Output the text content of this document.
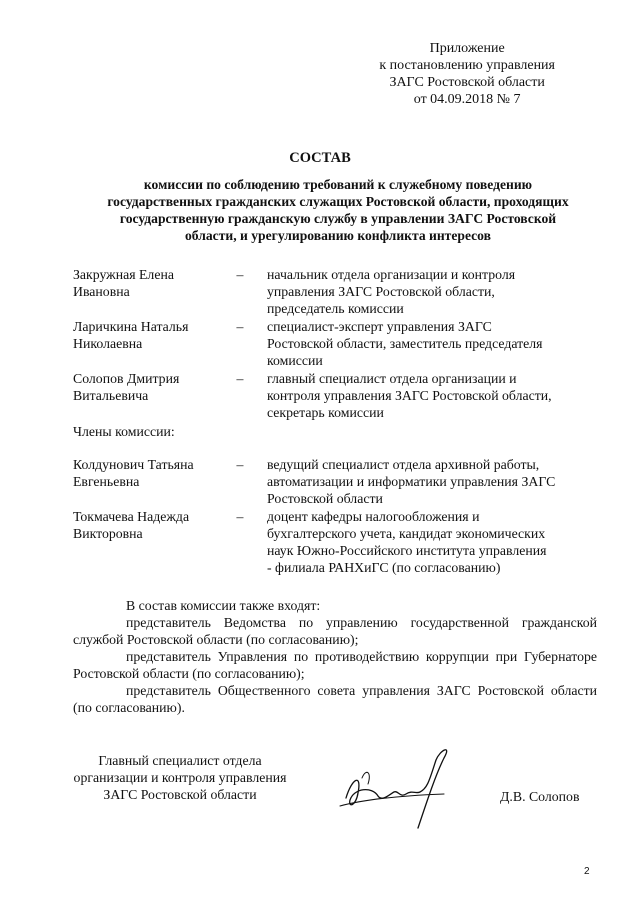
Приложение
к постановлению управления
ЗАГС Ростовской области
от 04.09.2018 № 7
СОСТАВ
комиссии по соблюдению требований к служебному поведению
государственных гражданских служащих Ростовской области, проходящих
государственную гражданскую службу в управлении ЗАГС Ростовской
области, и урегулированию конфликта интересов
Закружная Елена
Ивановна
– начальник отдела организации и контроля
управления ЗАГС Ростовской области,
председатель комиссии
Ларичкина Наталья
Николаевна
– специалист-эксперт управления ЗАГС
Ростовской области, заместитель председателя
комиссии
Солопов Дмитрия
Витальевича
– главный специалист отдела организации и
контроля управления ЗАГС Ростовской области,
секретарь комиссии
Члены комиссии:
Колдунович Татьяна
Евгеньевна
– ведущий специалист отдела архивной работы,
автоматизации и информатики управления ЗАГС
Ростовской области
Токмачева Надежда
Викторовна
– доцент кафедры налогообложения и
бухгалтерского учета, кандидат экономических
наук Южно-Российского института управления
- филиала РАНХиГС (по согласованию)
В состав комиссии также входят:
представитель Ведомства по управлению государственной гражданской службой Ростовской области (по согласованию);
представитель Управления по противодействию коррупции при Губернаторе Ростовской области (по согласованию);
представитель Общественного совета управления ЗАГС Ростовской области (по согласованию).
Главный специалист отдела
организации и контроля управления
ЗАГС Ростовской области	Д.В. Солопов
2
